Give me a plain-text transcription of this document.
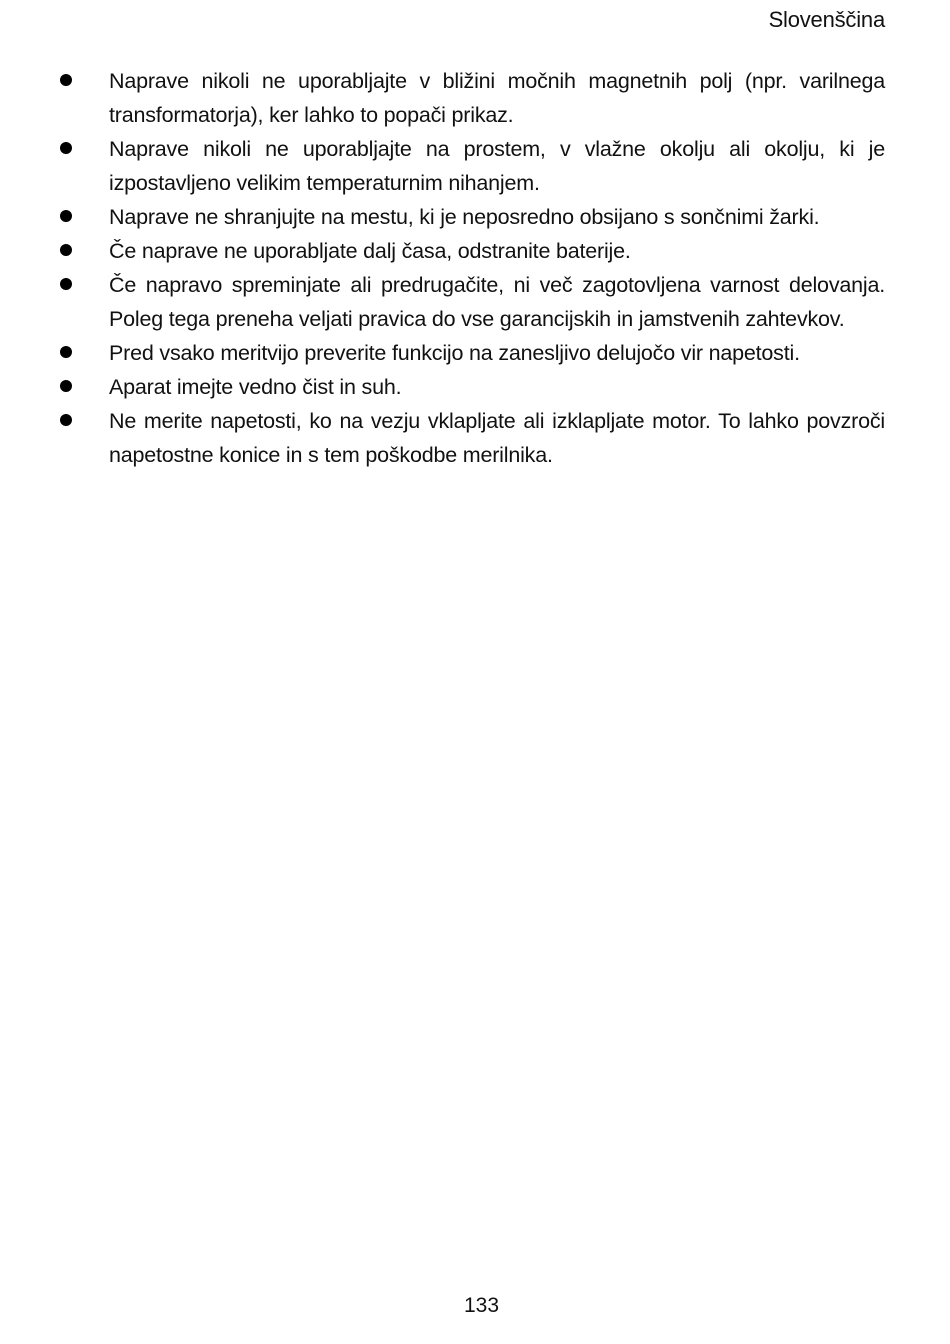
Slovenščina
Naprave nikoli ne uporabljajte v bližini močnih magnetnih polj (npr. varilnega transformatorja), ker lahko to popači prikaz.
Naprave nikoli ne uporabljajte na prostem, v vlažne okolju ali okolju, ki je izpostavljeno velikim temperaturnim nihanjem.
Naprave ne shranjujte na mestu, ki je neposredno obsijano s sončnimi žarki.
Če naprave ne uporabljate dalj časa, odstranite baterije.
Če napravo spreminjate ali predrugačite, ni več zagotovljena varnost delovanja. Poleg tega preneha veljati pravica do vse garancijskih in jamstvenih zahtevkov.
Pred vsako meritvijo preverite funkcijo na zanesljivo delujočo vir napetosti.
Aparat imejte vedno čist in suh.
Ne merite napetosti, ko na vezju vklapljate ali izklapljate motor. To lahko povzroči napetostne konice in s tem poškodbe merilnika.
133
